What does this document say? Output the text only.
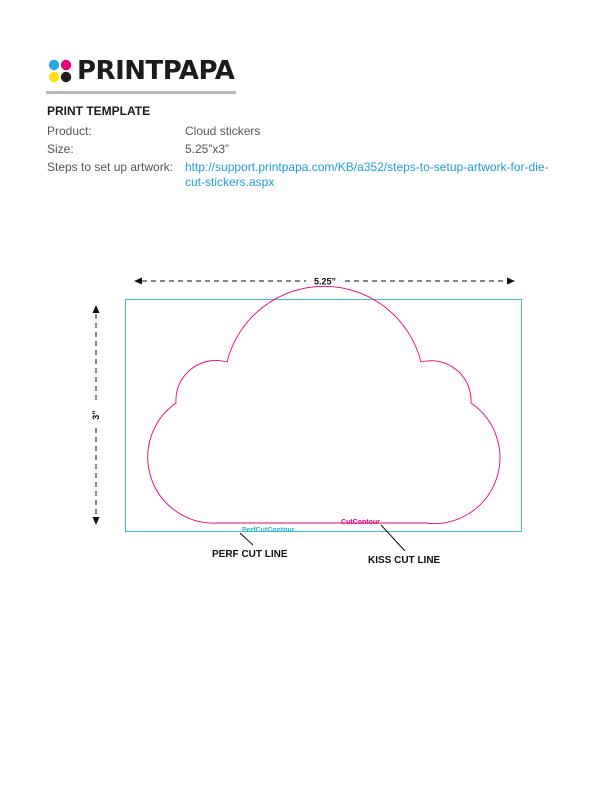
PRINTPAPA
PRINT TEMPLATE
Product:	Cloud stickers
Size:	5.25”x3”
Steps to set up artwork: http://support.printpapa.com/KB/a352/steps-to-setup-artwork-for-die-
cut-stickers.aspx
5.25”
3”
PerfCutContour
CutContour
PERF CUT LINE
KISS CUT LINE
